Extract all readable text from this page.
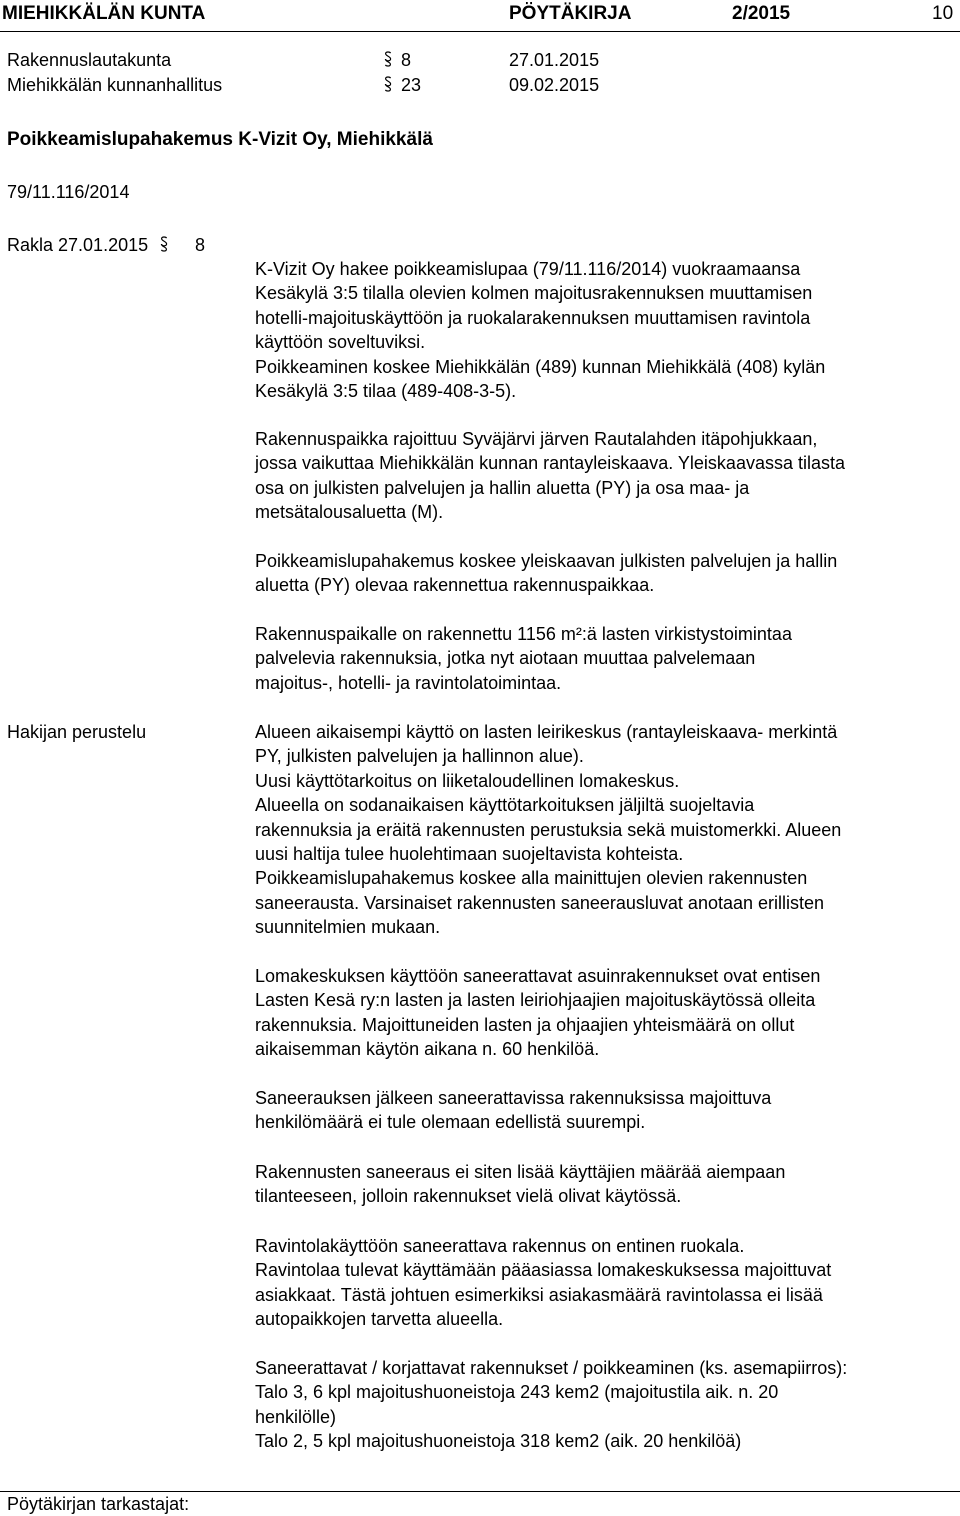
MIEHIKKÄLÄN KUNTA	PÖYTÄKIRJA	2/2015	10
Rakennuslautakunta	8	27.01.2015
Miehikkälän kunnanhallitus	23	09.02.2015
Poikkeamislupahakemus K-Vizit Oy, Miehikkälä
79/11.116/2014
Rakla 27.01.2015	8
K-Vizit Oy hakee poikkeamislupaa (79/11.116/2014) vuokraamaansa
Kesäkylä 3:5 tilalla olevien kolmen majoitusrakennuksen muuttamisen
hotelli-majoituskäyttöön ja ruokalarakennuksen muuttamisen ravintola
käyttöön soveltuviksi.
Poikkeaminen koskee Miehikkälän (489) kunnan Miehikkälä (408) kylän
Kesäkylä 3:5 tilaa (489-408-3-5).
Rakennuspaikka rajoittuu Syväjärvi järven Rautalahden itäpohjukkaan,
jossa vaikuttaa Miehikkälän kunnan rantayleiskaava. Yleiskaavassa tilasta
osa on julkisten palvelujen ja hallin aluetta (PY) ja osa maa- ja
metsätalousaluetta (M).
Poikkeamislupahakemus koskee yleiskaavan julkisten palvelujen ja hallin
aluetta (PY) olevaa rakennettua rakennuspaikkaa.
Rakennuspaikalle on rakennettu 1156 m²:ä lasten virkistystoimintaa
palvelevia rakennuksia, jotka nyt aiotaan muuttaa palvelemaan
majoitus-, hotelli- ja ravintolatoimintaa.
Hakijan perustelu	Alueen aikaisempi käyttö on lasten leirikeskus (rantayleiskaava- merkintä
PY, julkisten palvelujen ja hallinnon alue).
Uusi käyttötarkoitus on liiketaloudellinen lomakeskus.
Alueella on sodanaikaisen käyttötarkoituksen jäljiltä suojeltavia
rakennuksia ja eräitä rakennusten perustuksia sekä muistomerkki. Alueen
uusi haltija tulee huolehtimaan suojeltavista kohteista.
Poikkeamislupahakemus koskee alla mainittujen olevien rakennusten
saneerausta. Varsinaiset rakennusten saneerausluvat anotaan erillisten
suunnitelmien mukaan.
Lomakeskuksen käyttöön saneerattavat asuinrakennukset ovat entisen
Lasten Kesä ry:n lasten ja lasten leiriohjaajien majoituskäytössä olleita
rakennuksia. Majoittuneiden lasten ja ohjaajien yhteismäärä on ollut
aikaisemman käytön aikana n. 60 henkilöä.
Saneerauksen jälkeen saneerattavissa rakennuksissa majoittuva
henkilömäärä ei tule olemaan edellistä suurempi.
Rakennusten saneeraus ei siten lisää käyttäjien määrää aiempaan
tilanteeseen, jolloin rakennukset vielä olivat käytössä.
Ravintolakäyttöön saneerattava rakennus on entinen ruokala.
Ravintolaa tulevat käyttämään pääasiassa lomakeskuksessa majoittuvat
asiakkaat. Tästä johtuen esimerkiksi asiakasmäärä ravintolassa ei lisää
autopaikkojen tarvetta alueella.
Saneerattavat / korjattavat rakennukset / poikkeaminen (ks. asemapiirros):
Talo 3, 6 kpl majoitushuoneistoja 243 kem2 (majoitustila aik. n. 20
henkilölle)
Talo 2, 5 kpl majoitushuoneistoja 318 kem2 (aik. 20 henkilöä)
Pöytäkirjan tarkastajat:
